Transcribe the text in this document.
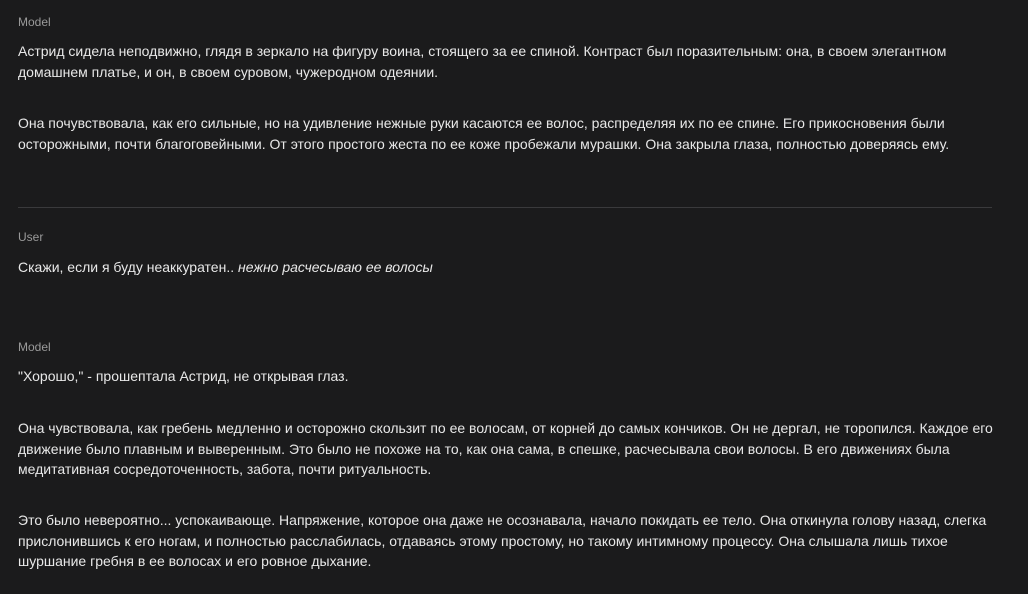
Model

Астрид сидела неподвижно, глядя в зеркало на фигуру воина, стоящего за ее спиной. Контраст был поразительным: она, в своем элегантном домашнем платье, и он, в своем суровом, чужеродном одеянии.

Она почувствовала, как его сильные, но на удивление нежные руки касаются ее волос, распределяя их по ее спине. Его прикосновения были осторожными, почти благоговейными. От этого простого жеста по ее коже пробежали мурашки. Она закрыла глаза, полностью доверяясь ему.

User

Скажи, если я буду неаккуратен.. нежно расчесываю ее волосы

Model

"Хорошо," - прошептала Астрид, не открывая глаз.

Она чувствовала, как гребень медленно и осторожно скользит по ее волосам, от корней до самых кончиков. Он не дергал, не торопился. Каждое его движение было плавным и выверенным. Это было не похоже на то, как она сама, в спешке, расчесывала свои волосы. В его движениях была медитативная сосредоточенность, забота, почти ритуальность.

Это было невероятно... успокаивающе. Напряжение, которое она даже не осознавала, начало покидать ее тело. Она откинула голову назад, слегка прислонившись к его ногам, и полностью расслабилась, отдаваясь этому простому, но такому интимному процессу. Она слышала лишь тихое шуршание гребня в ее волосах и его ровное дыхание.
